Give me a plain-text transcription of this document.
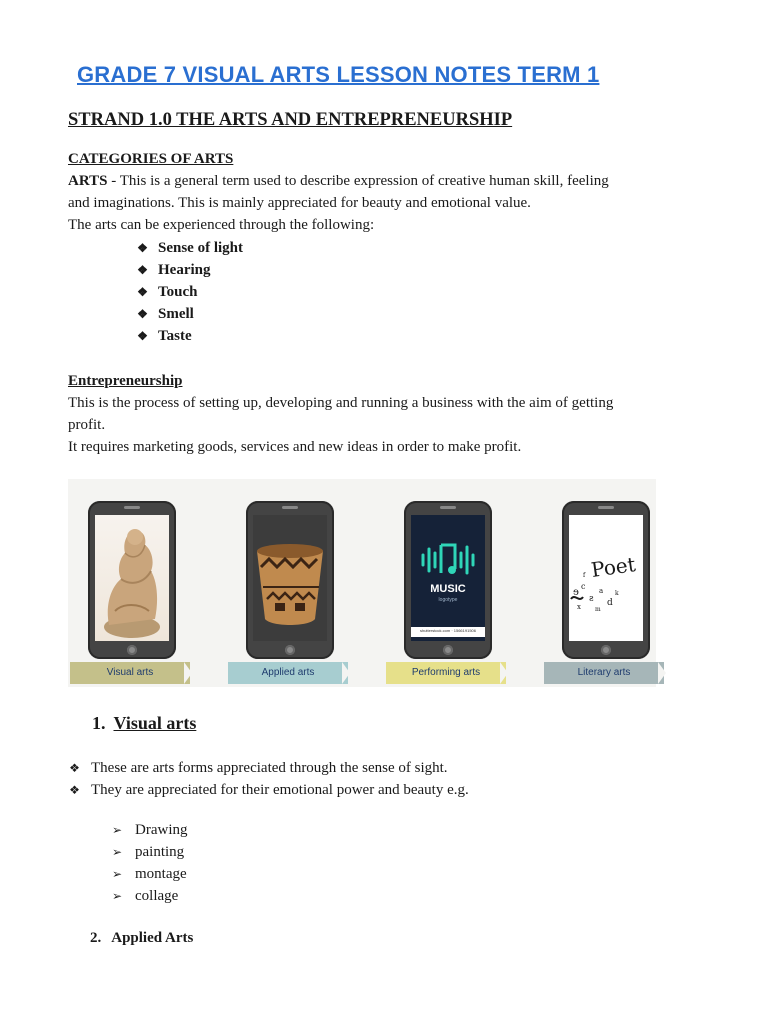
GRADE 7 VISUAL ARTS LESSON NOTES TERM 1
STRAND 1.0 THE ARTS AND ENTREPRENEURSHIP
CATEGORIES OF ARTS
ARTS - This is a general term used to describe expression of creative human skill, feeling
and imaginations. This is mainly appreciated for beauty and emotional value.
The arts can be experienced through the following:
❖ Sense of light
❖ Hearing
❖ Touch
❖ Smell
❖ Taste
Entrepreneurship
This is the process of setting up, developing and running a business with the aim of getting
profit.
It requires marketing goods, services and new ideas in order to make profit.
Visual arts	Applied arts
MUSIC
logotype
shutterstock.com · 1566191506
Performing arts
Poet
ɘ
c
ƨ
a
d
k
x m
f
Literary arts
1. Visual arts
❖ These are arts forms appreciated through the sense of sight.
❖ They are appreciated for their emotional power and beauty e.g.
➢ Drawing
➢ painting
➢ montage
➢ collage
2. Applied Arts
